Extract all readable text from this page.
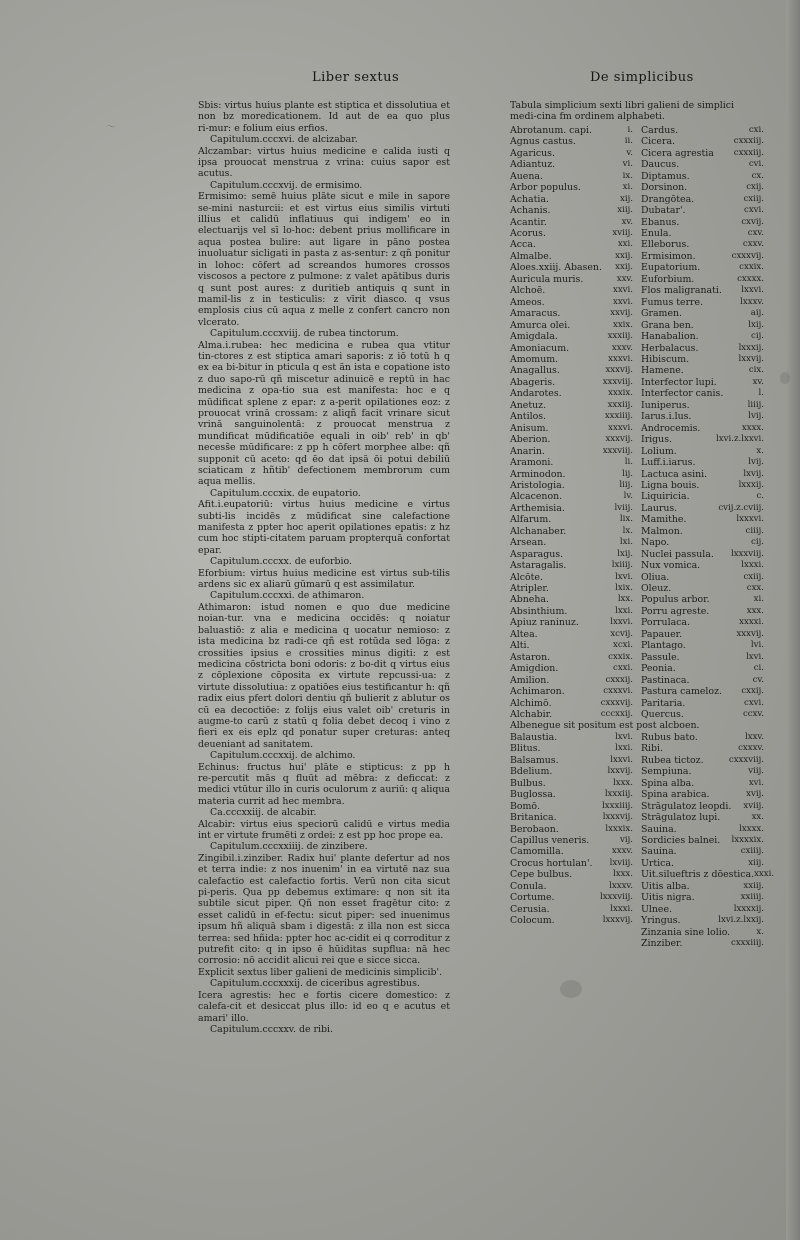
～
Liber sextus	De simplicibus

Sbis: virtus huius plante est stiptica et dissolutiua et non bz moredicationem. Id aut de ea quo plus ri‑mur: e folium eius erfios.

Capitulum.cccxvi. de alcizabar.

Alczambar: virtus huius medicine e calida iusti q ipsa prouocat menstrua z vrina: cuius sapor est acutus.

Capitulum.cccxvij. de ermisimo.

Ermisimo: semē huius plāte sicut e mile in sapore se‑mini nasturcii: et est virtus eius similis virtuti illius et calidū inflatiuus qui indigem' eo in electuarijs vel sī lo‑hoc: debent prius mollificare in aqua postea bulire: aut ligare in pāno postea inuoluatur sicligati in pasta z as‑sentur: z qñ ponitur in lohoc: cōfert ad screandos humores crossos viscosos a pectore z pulmone: z valet apātibus duris q sunt post aures: z duritieb antiquis q sunt in mamil‑lis z in testiculis: z vīrit diasco. q vsus emplosis cius cū aqua z melle z confert cancro non vlcerato.

Capitulum.cccxviij. de rubea tinctorum.

Alma.i.rubea: hec medicina e rubea qua vtitur tin‑ctores z est stiptica amari saporis: z iō totū h q ex ea bi‑bitur in pticula q est ān ista e copatione isto z duo sapo‑rū qñ miscetur adinuicē e reptū in hac medicina z opa‑tio sua est manifesta: hoc e q mūdificat splene z epar: z a‑perit opilationes eoz: z prouocat vrinā crossam: z aliqñ facit vrinare sicut vrinā sanguinolentā: z prouocat menstrua z mundificat mūdificatiōe equali in oib' reb' in qb' necess̄e mūdificare: z pp h cōfert morphee albe: qñ supponit cū aceto: qd ēo dat ipsā ōi potui debiliū sciaticam z hñtib' defectionem membrorum cum aqua mellis.

Capitulum.cccxix. de eupatorio.

Afit.i.eupatoriū: virtus huius medicine e virtus subti‑lis incidēs z mūdificat sine calefactione manifesta z ppter hoc aperit opilationes epatis: z hz cum hoc stipti‑citatem paruam propterquā confortat epar.

Capitulum.cccxx. de euforbio.

Eforbium: virtus huius medicine est virtus sub‑tilis ardens sic ex aliarū gūmarū q est assimilatur.

Capitulum.cccxxi. de athimaron.

Athimaron: istud nomen e quo due medicine noian‑tur. vna e medicina occidēs: q noiatur baluastiō: z alia e medicina q uocatur nemioso: z ista medicina bz radi‑ce qñ est rotūda sed lōga: z crossities ipsius e crossities minus digiti: z est medicina cōstricta boni odoris: z bo‑dit q virtus eius z cōplexione cōposita ex virtute repcussi‑ua: z virtute dissolutiua: z opatiōes eius testificantur h: qñ radix eius pfert dolori dentiu qñ bulierit z ablutur os cū ea decoctiōe: z folijs eius valet oib' creturis in augme‑to carū z statū q folia debet decoq i vino z fieri ex eis eplz qd ponatur super creturas: anteq deueniant ad sanitatem.

Capitulum.cccxxij. de alchimo.

Echinus: fructus hui' plāte e stipticus: z pp h re‑percutit mās q fluūt ad mēbra: z deficcat: z medici vtūtur illo in curis oculorum z auriū: q aliqua materia currit ad hec membra.

Ca.cccxxiij. de alcabir.

Alcabir: virtus eius speciorū calidū e virtus media int er virtute frumēti z ordei: z est pp hoc prope ea.

Capitulum.cccxxiiij. de zinzibere.

Zingibil.i.zinziber. Radix hui' plante defertur ad nos et terra indie: z nos inuenim' in ea virtutē naz sua calefactio est calefactio fortis. Verū non cita sicut pi‑peris. Qua pp debemus extimare: q non sit ita subtile sicut piper. Qñ non esset fragētur cito: z esset calidū in ef‑fectu: sicut piper: sed inuenimus ipsum hñ aliquā sbam i digestā: z illa non est sicca terrea: sed hñida: ppter hoc ac‑cidit ei q corroditur z putrefit cito: q in ipso ē hūiditas supflua: nā hec corrosio: nō accidit alicui rei que e sicce sicca.

Explicit sextus liber galieni de medicinis simplicib'.

Capitulum.cccxxxij. de ciceribus agrestibus.

Icera agrestis: hec e fortis cicere domestico: z calefa‑cit et desiccat plus illo: id eo q e acutus et amari' illo.

Capitulum.cccxxv. de ribi.

Tabula simplicium sexti libri galieni de simplici medi‑cina fm ordinem alphabeti.

Abrotanum. capi.	i.
Agnus castus.	ii.
Agaricus.	v.
Adiantuz.	vi.
Auena.	ix.
Arbor populus.	xi.
Achatia.	xij.
Achanis.	xiij.
Acantir.	xv.
Acorus.	xviij.
Acca.	xxi.
Almalbe.	xxij.
Aloes.xxiij. Abasen. xxij.
Auricula muris.	xxv.
Alchoē.	xxvi.
Ameos.	xxvi.
Amaracus.	xxvij.
Amurca olei.	xxix.
Amigdala.	xxxiij.
Amoniacum.	xxxv.
Amomum.	xxxvi.
Anagallus.	xxxvij.
Abageris.	xxxviij.
Andarotes.	xxxix.
Anetuz.	xxxiij.
Antilos.	xxxiiij.
Anisum.	xxxvi.
Aberion.	xxxvij.
Anarin.	xxxviij.
Aramoni.	li.
Arminodon.	lij.
Aristologia.	liij.
Alcacenon.	lv.
Arthemisia.	lviij.
Alfarum.	lix.
Alchanaber.	lx.
Arsean.	lxi.
Asparagus.	lxij.
Astaragalis.	lxiiij.
Alcōte.	lxvi.
Atripler.	lxix.
Abneha.	lxx.
Absinthium.	lxxi.
Apiuz raninuz.	lxxvi.
Altea.	xcvij.
Alti.	xcxi.
Astaron.	cxxix.
Amigdion.	cxxi.
Amilion.	cxxxij.
Achimaron.	cxxxvi.
Alchimō.	cxxxvij.
Alchabir.	cccxxij.
Cardus.	cxi.
Cicera.	cxxxiij.
Cicera agrestia cxxxiij.
Daucus.	cvi.
Diptamus.	cx.
Dorsinon.	cxij.
Drangōtea.	cxiij.
Dubatar'.	cxvi.
Ebanus.	cxvij.
Enula.	cxv.
Elleborus.	cxxv.
Ermisimon.	cxxxvij.
Eupatorium.	cxxix.
Euforbium.	cxxxx.
Flos maligranati. lxxvi.
Fumus terre.	lxxxv.
Gramen.	aij.
Grana ben.	lxij.
Hanabalion.	cij.
Herbalacus.	lxxxij.
Hibiscum.	lxxvij.
Hamene.	cix.
Interfector lupi.	xv.
Interfector canis.	l.
Iuniperus.	liiij.
Iarus.i.lus.	lvij.
Androcemis.	xxxx.
Irigus.	lxvi.z.lxxvi.
Lolium.	x.
Luff.i.iarus.	lvij.
Lactuca asini.	lxvij.
Ligna bouis.	lxxxij.
Liquiricia.	c.
Laurus.	cvij.z.cviij.
Mamithe.	lxxxvi.
Malmon.	ciiij.
Napo.	cij.
Nuclei passula. lxxxviij.
Nux vomica.	lxxxi.
Oliua.	cxiij.
Oleuz.	cxx.
Populus arbor.	xi.
Porru agreste.	xxx.
Porrulaca.	xxxxi.
Papauer.	xxxvij.
Plantago.	lvi.
Passule.	lxvi.
Peonia.	ci.
Pastinaca.	cv.
Pastura cameloz. cxxij.
Paritaria.	cxvi.
Quercus.	ccxv.
Albenegue sit positum est post alcboen.
Balaustia.	lxvi.
Blitus.	lxxi.
Balsamus.	lxxvi.
Bdelium.	lxxvij.
Bulbus.	lxxx.
Buglossa.	lxxxiij.
Bomō.	lxxxiiij.
Britanica.	lxxxvij.
Berobaon.	lxxxix.
Capillus veneris.	vij.
Camomilla.	xxxv.
Crocus hortulan'. lxviij.
Cepe bulbus.	lxxx.
Conula.	lxxxv.
Cortume.	lxxxviij.
Cerusia.	lxxxi.
Colocum.	lxxxvij.
Rubus bato.	lxxv.
Ribi.	cxxxv.
Rubea tictoz.	cxxxviij.
Sempiuna.	viij.
Spina alba.	xvi.
Spina arabica.	xvij.
Strāgulatoz leopdi. xviij.
Strāgulatoz lupi.	xx.
Sauina.	lxxxx.
Sordicies balnei. lxxxxix.
Sauina.	cxiiij.
Urtica.	xiij.
Uit.silueftris z dōestica. xxxi.
Uitis alba.	xxiij.
Uitis nigra.	xxiiij.
Ulnee.	lxxxxij.
Yringus.	lxvi.z.lxxij.
Zinzania sine lolio.	x.
Zinziber.	cxxxiiij.
